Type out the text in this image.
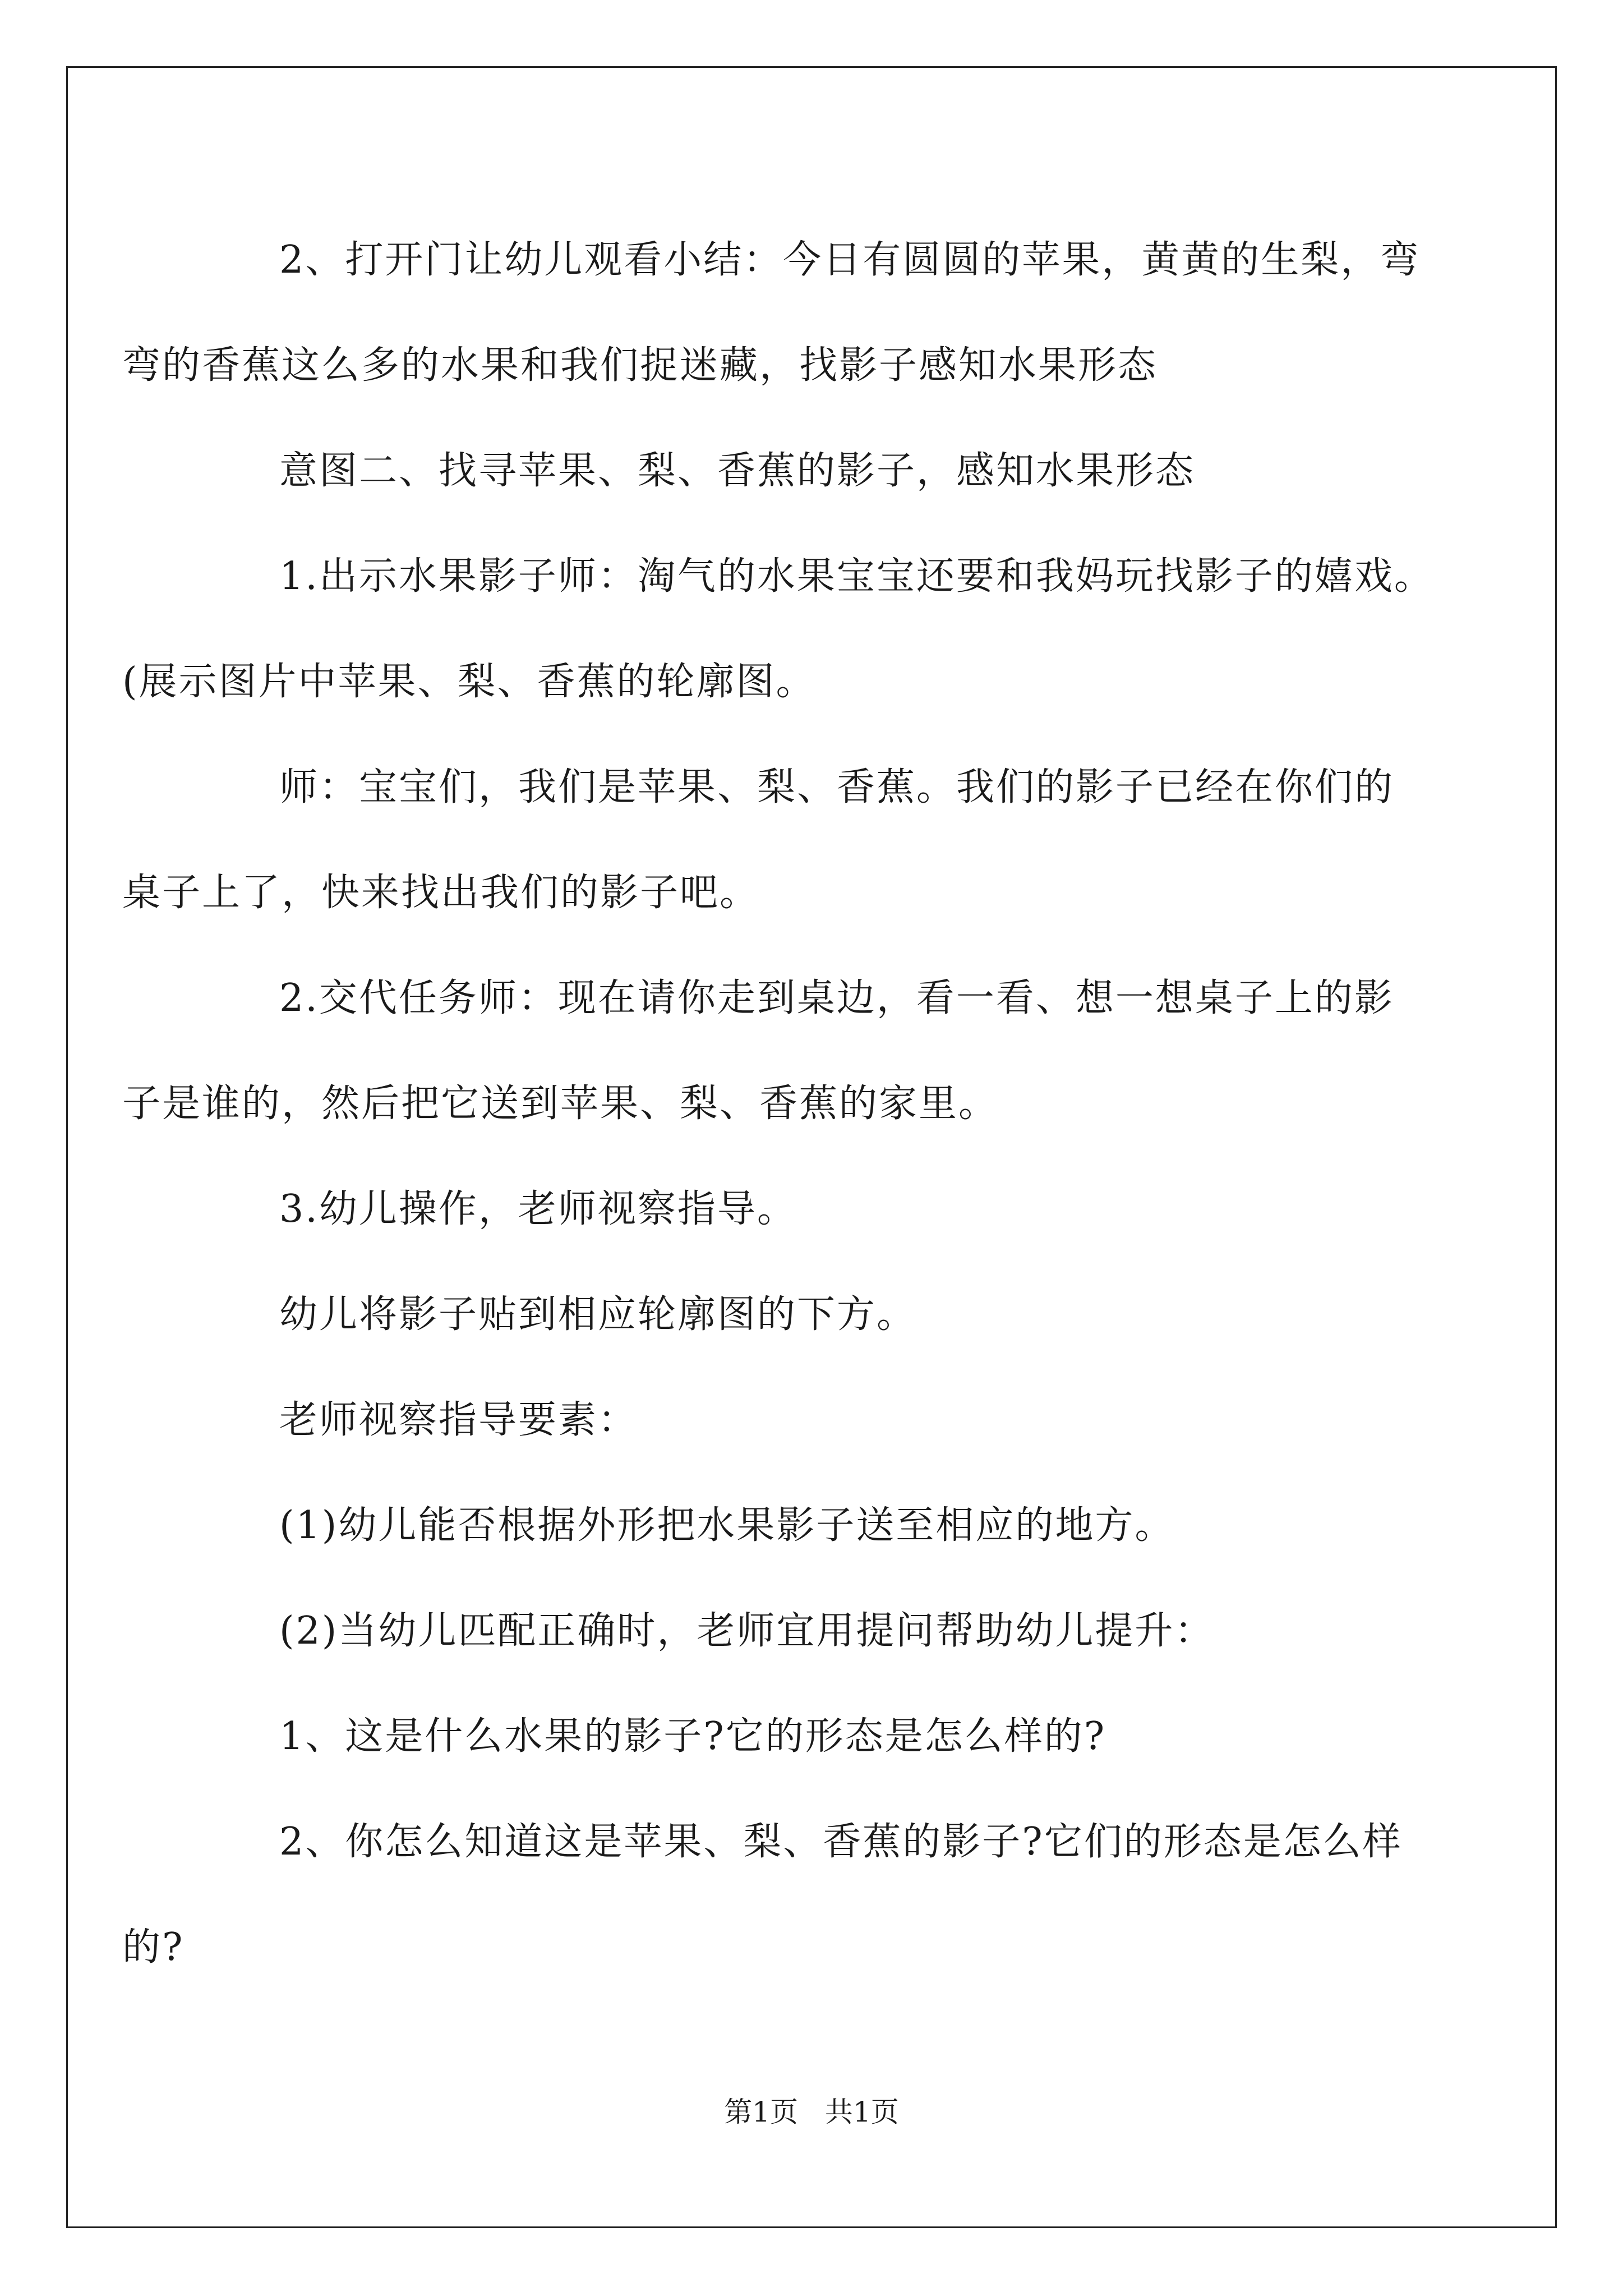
2、打开门让幼儿观看小结：今日有圆圆的苹果，黄黄的生梨，弯
弯的香蕉这么多的水果和我们捉迷藏，找影子感知水果形态

意图二、找寻苹果、梨、香蕉的影子，感知水果形态

1.出示水果影子师：淘气的水果宝宝还要和我妈玩找影子的嬉戏。
(展示图片中苹果、梨、香蕉的轮廓图。

师：宝宝们，我们是苹果、梨、香蕉。我们的影子已经在你们的
桌子上了，快来找出我们的影子吧。

2.交代任务师：现在请你走到桌边，看一看、想一想桌子上的影
子是谁的，然后把它送到苹果、梨、香蕉的家里。

3.幼儿操作，老师视察指导。

幼儿将影子贴到相应轮廓图的下方。

老师视察指导要素：

(1)幼儿能否根据外形把水果影子送至相应的地方。

(2)当幼儿匹配正确时，老师宜用提问帮助幼儿提升：

1、这是什么水果的影子?它的形态是怎么样的?

2、你怎么知道这是苹果、梨、香蕉的影子?它们的形态是怎么样
的?

第1页 共1页
